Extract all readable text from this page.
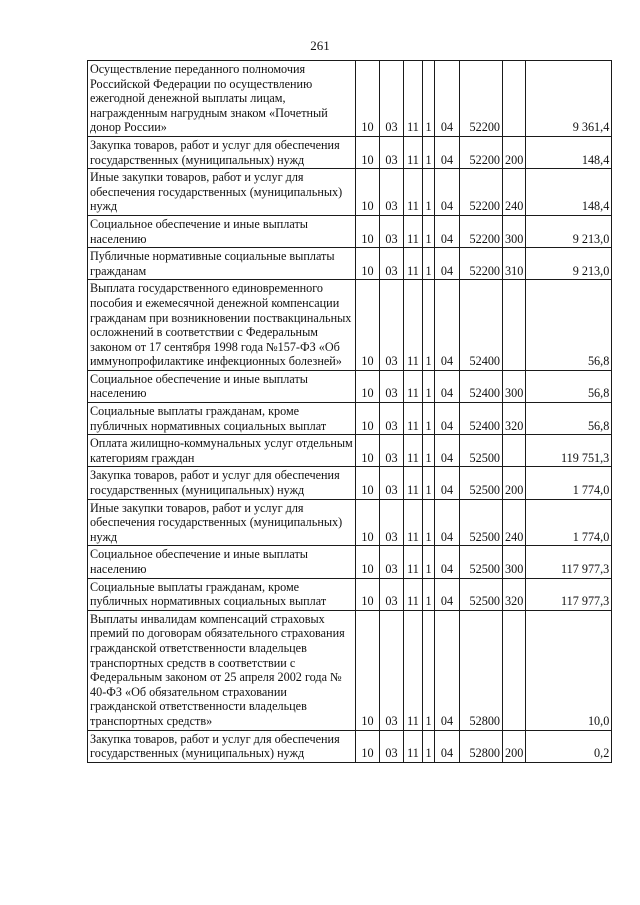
261
Осуществление переданного полномочия Российской Федерации по осуществлению ежегодной денежной выплаты лицам, награжденным нагрудным знаком «Почетный донор России»	10	03	11	1	04	52200		9 361,4
Закупка товаров, работ и услуг для обеспечения государственных (муниципальных) нужд	10	03	11	1	04	52200	200	148,4
Иные закупки товаров, работ и услуг для обеспечения государственных (муниципальных) нужд	10	03	11	1	04	52200	240	148,4
Социальное обеспечение и иные выплаты населению	10	03	11	1	04	52200	300	9 213,0
Публичные нормативные социальные выплаты гражданам	10	03	11	1	04	52200	310	9 213,0
Выплата государственного единовременного пособия и ежемесячной денежной компенсации гражданам при возникновении поствакцинальных осложнений в соответствии с Федеральным законом от 17 сентября 1998 года №157-ФЗ «Об иммунопрофилактике инфекционных болезней»	10	03	11	1	04	52400		56,8
Социальное обеспечение и иные выплаты населению	10	03	11	1	04	52400	300	56,8
Социальные выплаты гражданам, кроме публичных нормативных социальных выплат	10	03	11	1	04	52400	320	56,8
Оплата жилищно-коммунальных услуг отдельным категориям граждан	10	03	11	1	04	52500		119 751,3
Закупка товаров, работ и услуг для обеспечения государственных (муниципальных) нужд	10	03	11	1	04	52500	200	1 774,0
Иные закупки товаров, работ и услуг для обеспечения государственных (муниципальных) нужд	10	03	11	1	04	52500	240	1 774,0
Социальное обеспечение и иные выплаты населению	10	03	11	1	04	52500	300	117 977,3
Социальные выплаты гражданам, кроме публичных нормативных социальных выплат	10	03	11	1	04	52500	320	117 977,3
Выплаты инвалидам компенсаций страховых премий по договорам обязательного страхования гражданской ответственности владельцев транспортных средств в соответствии с Федеральным законом от 25 апреля 2002 года № 40-ФЗ «Об обязательном страховании гражданской ответственности владельцев транспортных средств»	10	03	11	1	04	52800		10,0
Закупка товаров, работ и услуг для обеспечения государственных (муниципальных) нужд	10	03	11	1	04	52800	200	0,2
